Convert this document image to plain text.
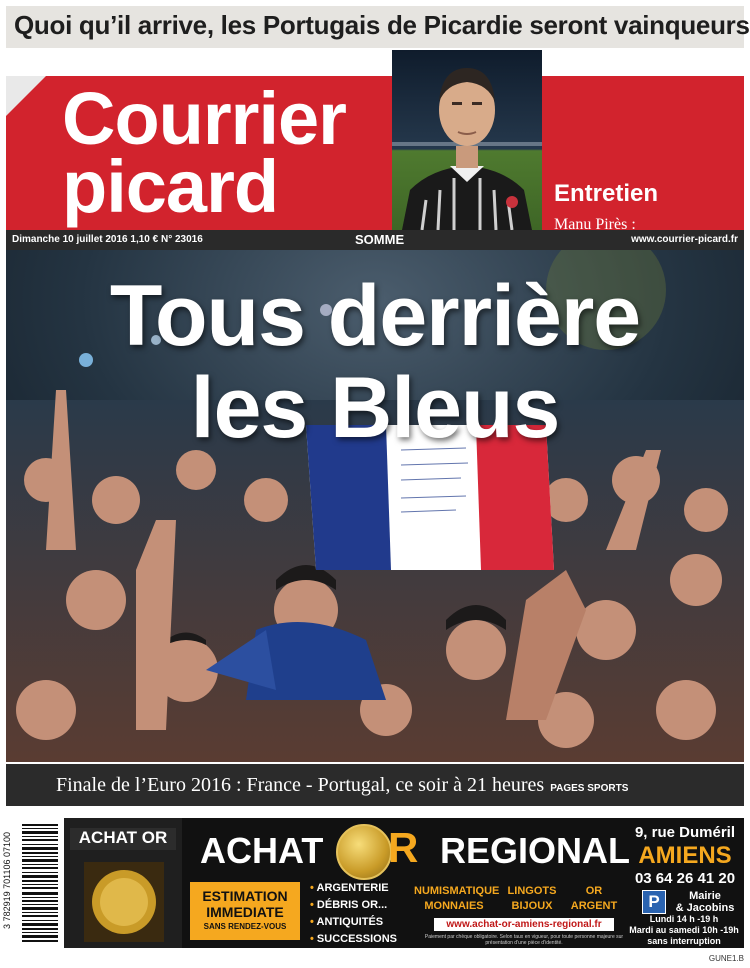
Quoi qu’il arrive, les Portugais de Picardie seront vainqueurs
Courrier
picard	Entretien
Manu Pirès :

Dimanche 10 juillet 2016 1,10 € N° 23016	SOMME	www.courrier-picard.fr
Tous derrière
les Bleus
Finale de l’Euro 2016 : France - Portugal, ce soir à 21 heures PAGES SPORTS
3 782919 701106 07100	ACHAT OR ACHAT R REGIONAL 9, rue Duméril
AMIENS
03 64 26 41 20
P	Mairie
& Jacobins
Lundi 14 h -19 h
Mardi au samedi 10h -19h
sans interruption
ESTIMATION
IMMEDIATE
SANS RENDEZ-VOUS
• ARGENTERIE
• DÉBRIS OR...
• ANTIQUITÉS
• SUCCESSIONS
NUMISMATIQUE
MONNAIES
LINGOTS
BIJOUX
OR
ARGENT
www.achat-or-amiens-regional.fr
Paiement par chèque obligatoire. Selon taux en vigueur, pour toute personne majeure sur présentation d’une pièce d’identité.
GUNE1.B
